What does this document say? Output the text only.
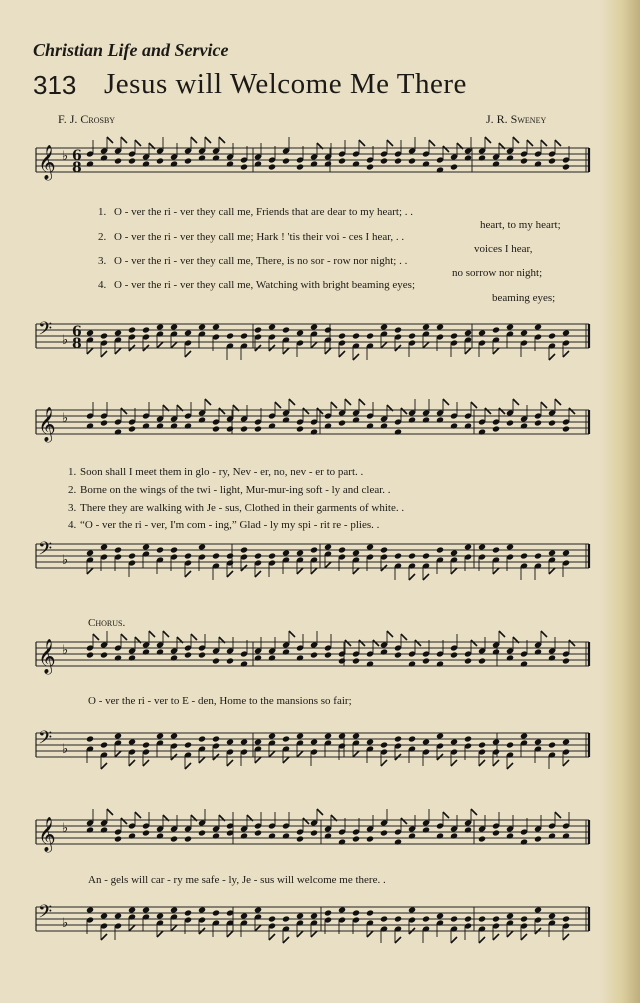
Christian Life and Service
313 Jesus will Welcome Me There
F. J. Crosby	J. R. Sweney
𝄞 ♭ 6
8
𝄢 ♭
6
8
𝄞 ♭
𝄢 ♭
𝄞 ♭
𝄢 ♭
𝄞 ♭
𝄢 ♭
1. O - ver the ri - ver they call me, Friends that are dear to my heart; . .
heart, to my heart;
2. O - ver the ri - ver they call me; Hark ! 'tis their voi - ces I hear, . .
voices I hear,
3. O - ver the ri - ver they call me, There, is no sor - row nor night; . .
no sorrow nor night;
4. O - ver the ri - ver they call me, Watching with bright beaming eyes;
beaming eyes;
1. Soon shall I meet them in glo - ry, Nev - er, no, nev - er to part. .
2. Borne on the wings of the twi - light, Mur-mur-ing soft - ly and clear. .
3. There they are walking with Je - sus, Clothed in their garments of white. .
4. “O - ver the ri - ver, I'm com - ing,” Glad - ly my spi - rit re - plies. .
Chorus.
O - ver the ri - ver to E - den, Home to the mansions so fair;
An - gels will car - ry me safe - ly, Je - sus will welcome me there. .
